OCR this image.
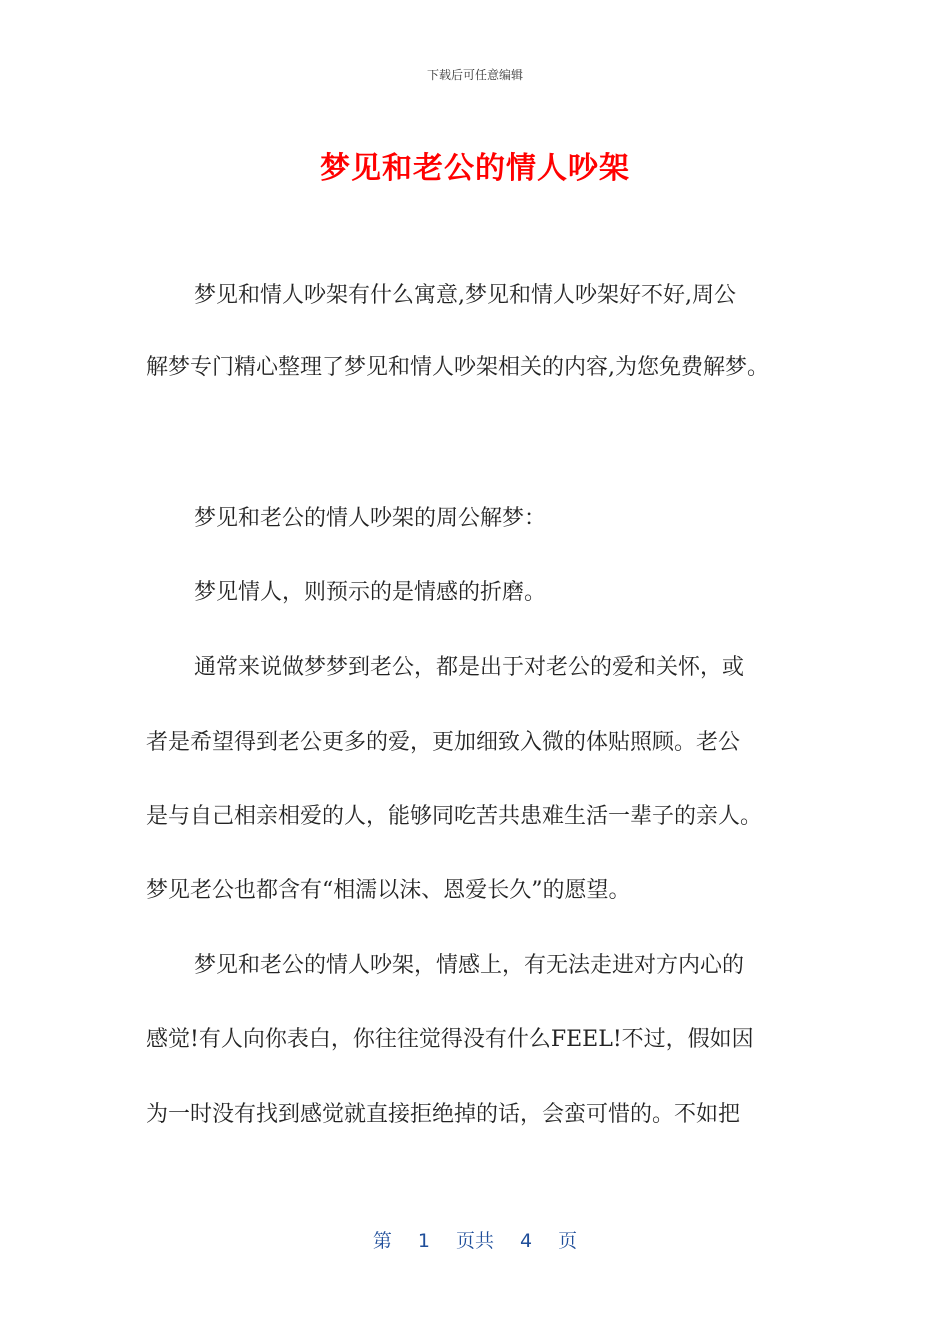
下载后可任意编辑
梦见和老公的情人吵架
梦见和情人吵架有什么寓意,梦见和情人吵架好不好,周公
解梦专门精心整理了梦见和情人吵架相关的内容,为您免费解梦。
梦见和老公的情人吵架的周公解梦：
梦见情人，则预示的是情感的折磨。
通常来说做梦梦到老公，都是出于对老公的爱和关怀，或
者是希望得到老公更多的爱，更加细致入微的体贴照顾。老公
是与自己相亲相爱的人，能够同吃苦共患难生活一辈子的亲人。
梦见老公也都含有“相濡以沫、恩爱长久”的愿望。
梦见和老公的情人吵架，情感上，有无法走进对方内心的
感觉!有人向你表白，你往往觉得没有什么FEEL!不过，假如因
为一时没有找到感觉就直接拒绝掉的话，会蛮可惜的。不如把
第 1 页共 4 页
